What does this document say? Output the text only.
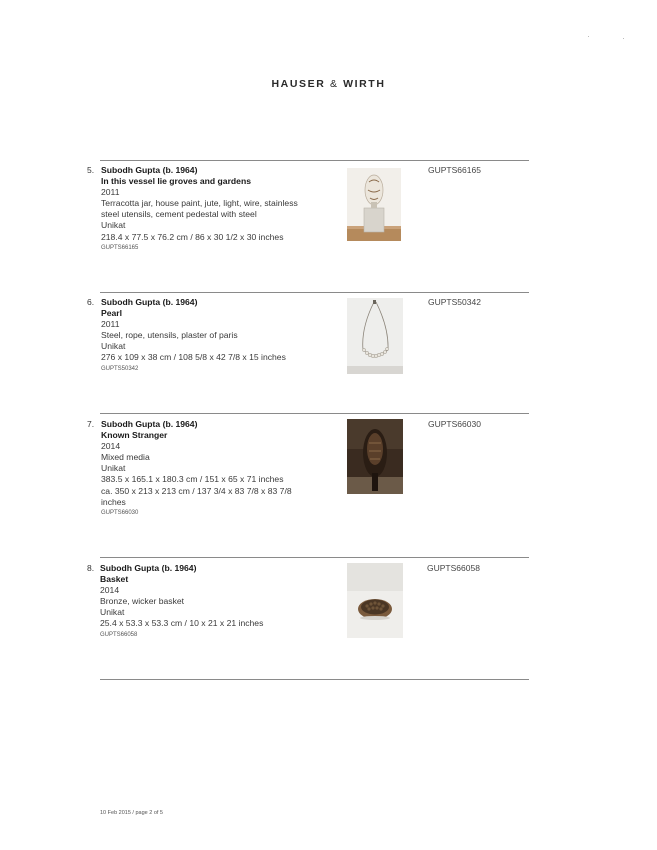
HAUSER & WIRTH
5. Subodh Gupta (b. 1964)
In this vessel lie groves and gardens
2011
Terracotta jar, house paint, jute, light, wire, stainless steel utensils, cement pedestal with steel
Unikat
218.4 x 77.5 x 76.2 cm / 86 x 30 1/2 x 30 inches
GUPTS66165
GUPTS66165
6. Subodh Gupta (b. 1964)
Pearl
2011
Steel, rope, utensils, plaster of paris
Unikat
276 x 109 x 38 cm / 108 5/8 x 42 7/8 x 15 inches
GUPTS50342
GUPTS50342
7. Subodh Gupta (b. 1964)
Known Stranger
2014
Mixed media
Unikat
383.5 x 165.1 x 180.3 cm / 151 x 65 x 71 inches
ca. 350 x 213 x 213 cm / 137 3/4 x 83 7/8 x 83 7/8 inches
GUPTS66030
GUPTS66030
8. Subodh Gupta (b. 1964)
Basket
2014
Bronze, wicker basket
Unikat
25.4 x 53.3 x 53.3 cm / 10 x 21 x 21 inches
GUPTS66058
GUPTS66058
10 Feb 2015 / page 2 of 5
